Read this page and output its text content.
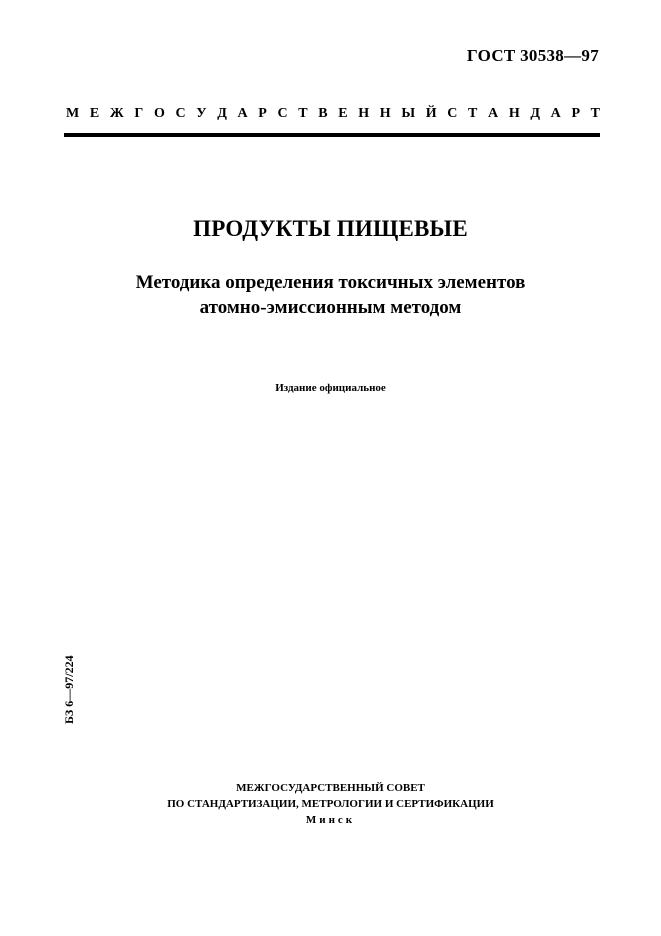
ГОСТ 30538—97
М Е Ж Г О С У Д А Р С Т В Е Н Н Ы Й С Т А Н Д А Р Т
ПРОДУКТЫ ПИЩЕВЫЕ
Методика определения токсичных элементов
атомно-эмиссионным методом
Издание официальное
БЗ 6—97/224
МЕЖГОСУДАРСТВЕННЫЙ СОВЕТ
ПО СТАНДАРТИЗАЦИИ, МЕТРОЛОГИИ И СЕРТИФИКАЦИИ
Минск
